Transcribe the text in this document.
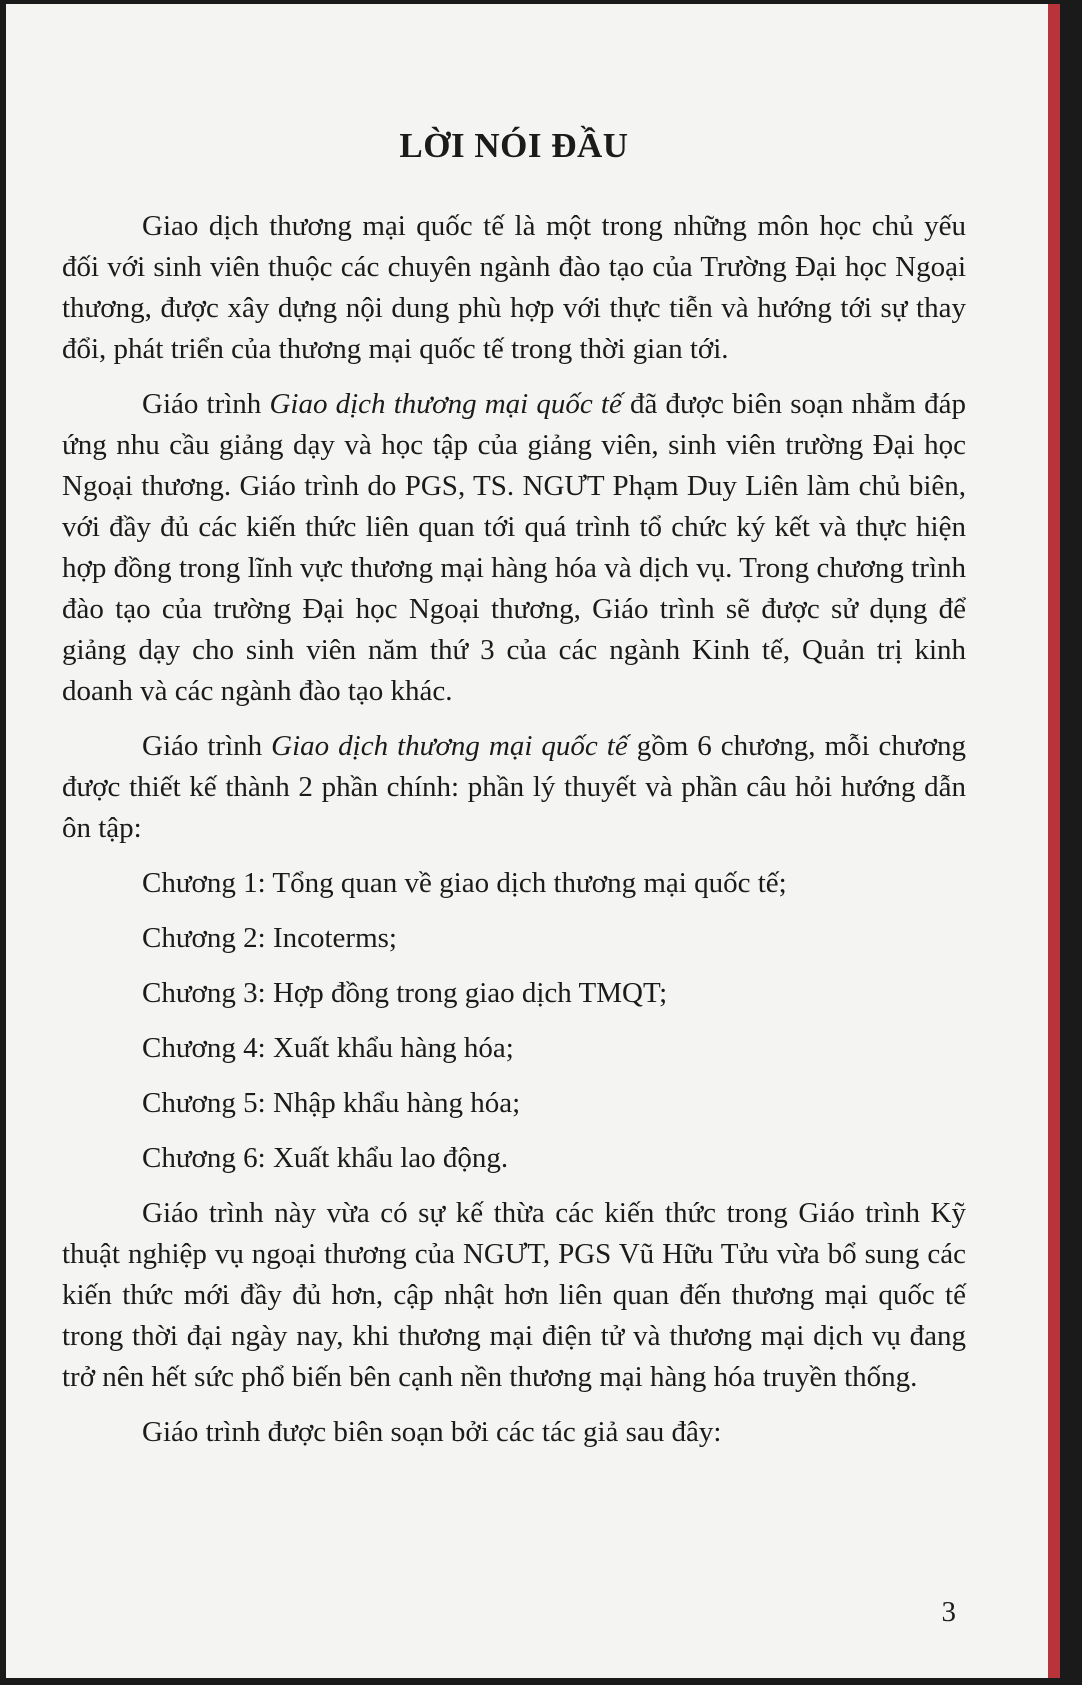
LỜI NÓI ĐẦU

Giao dịch thương mại quốc tế là một trong những môn học chủ yếu đối với sinh viên thuộc các chuyên ngành đào tạo của Trường Đại học Ngoại thương, được xây dựng nội dung phù hợp với thực tiễn và hướng tới sự thay đổi, phát triển của thương mại quốc tế trong thời gian tới.

Giáo trình Giao dịch thương mại quốc tế đã được biên soạn nhằm đáp ứng nhu cầu giảng dạy và học tập của giảng viên, sinh viên trường Đại học Ngoại thương. Giáo trình do PGS, TS. NGƯT Phạm Duy Liên làm chủ biên, với đầy đủ các kiến thức liên quan tới quá trình tổ chức ký kết và thực hiện hợp đồng trong lĩnh vực thương mại hàng hóa và dịch vụ. Trong chương trình đào tạo của trường Đại học Ngoại thương, Giáo trình sẽ được sử dụng để giảng dạy cho sinh viên năm thứ 3 của các ngành Kinh tế, Quản trị kinh doanh và các ngành đào tạo khác.

Giáo trình Giao dịch thương mại quốc tế gồm 6 chương, mỗi chương được thiết kế thành 2 phần chính: phần lý thuyết và phần câu hỏi hướng dẫn ôn tập:

Chương 1: Tổng quan về giao dịch thương mại quốc tế;
Chương 2: Incoterms;
Chương 3: Hợp đồng trong giao dịch TMQT;
Chương 4: Xuất khẩu hàng hóa;
Chương 5: Nhập khẩu hàng hóa;
Chương 6: Xuất khẩu lao động.

Giáo trình này vừa có sự kế thừa các kiến thức trong Giáo trình Kỹ thuật nghiệp vụ ngoại thương của NGƯT, PGS Vũ Hữu Tửu vừa bổ sung các kiến thức mới đầy đủ hơn, cập nhật hơn liên quan đến thương mại quốc tế trong thời đại ngày nay, khi thương mại điện tử và thương mại dịch vụ đang trở nên hết sức phổ biến bên cạnh nền thương mại hàng hóa truyền thống.

Giáo trình được biên soạn bởi các tác giả sau đây:

3
